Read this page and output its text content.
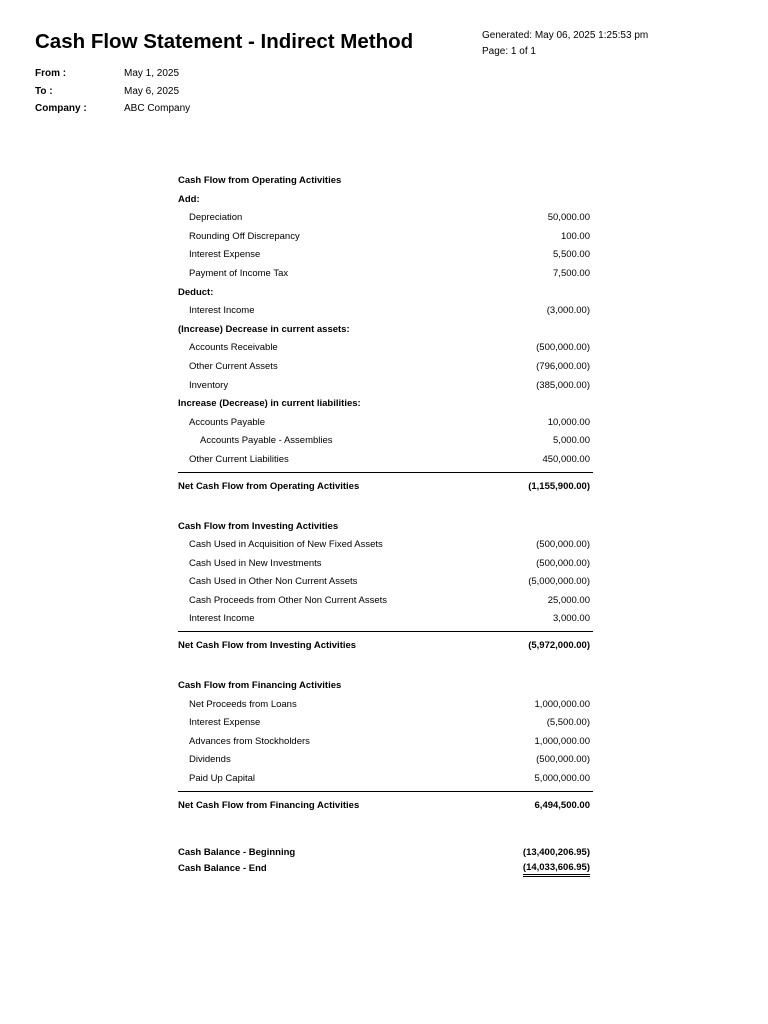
Cash Flow Statement - Indirect Method	Generated: May 06, 2025 1:25:53 pm
Page: 1 of 1
From :	May 1, 2025
To :	May 6, 2025
Company :	ABC Company
Cash Flow from Operating Activities
Add:
Depreciation	50,000.00
Rounding Off Discrepancy	100.00
Interest Expense	5,500.00
Payment of Income Tax	7,500.00
Deduct:
Interest Income	(3,000.00)
(Increase) Decrease in current assets:
Accounts Receivable	(500,000.00)
Other Current Assets	(796,000.00)
Inventory	(385,000.00)
Increase (Decrease) in current liabilities:
Accounts Payable	10,000.00
Accounts Payable - Assemblies	5,000.00
Other Current Liabilities	450,000.00
Net Cash Flow from Operating Activities	(1,155,900.00)
Cash Flow from Investing Activities
Cash Used in Acquisition of New Fixed Assets	(500,000.00)
Cash Used in New Investments	(500,000.00)
Cash Used in Other Non Current Assets	(5,000,000.00)
Cash Proceeds from Other Non Current Assets	25,000.00
Interest Income	3,000.00
Net Cash Flow from Investing Activities	(5,972,000.00)
Cash Flow from Financing Activities
Net Proceeds from Loans	1,000,000.00
Interest Expense	(5,500.00)
Advances from Stockholders	1,000,000.00
Dividends	(500,000.00)
Paid Up Capital	5,000,000.00
Net Cash Flow from Financing Activities	6,494,500.00
Cash Balance - Beginning	(13,400,206.95)
Cash Balance - End	(14,033,606.95)
